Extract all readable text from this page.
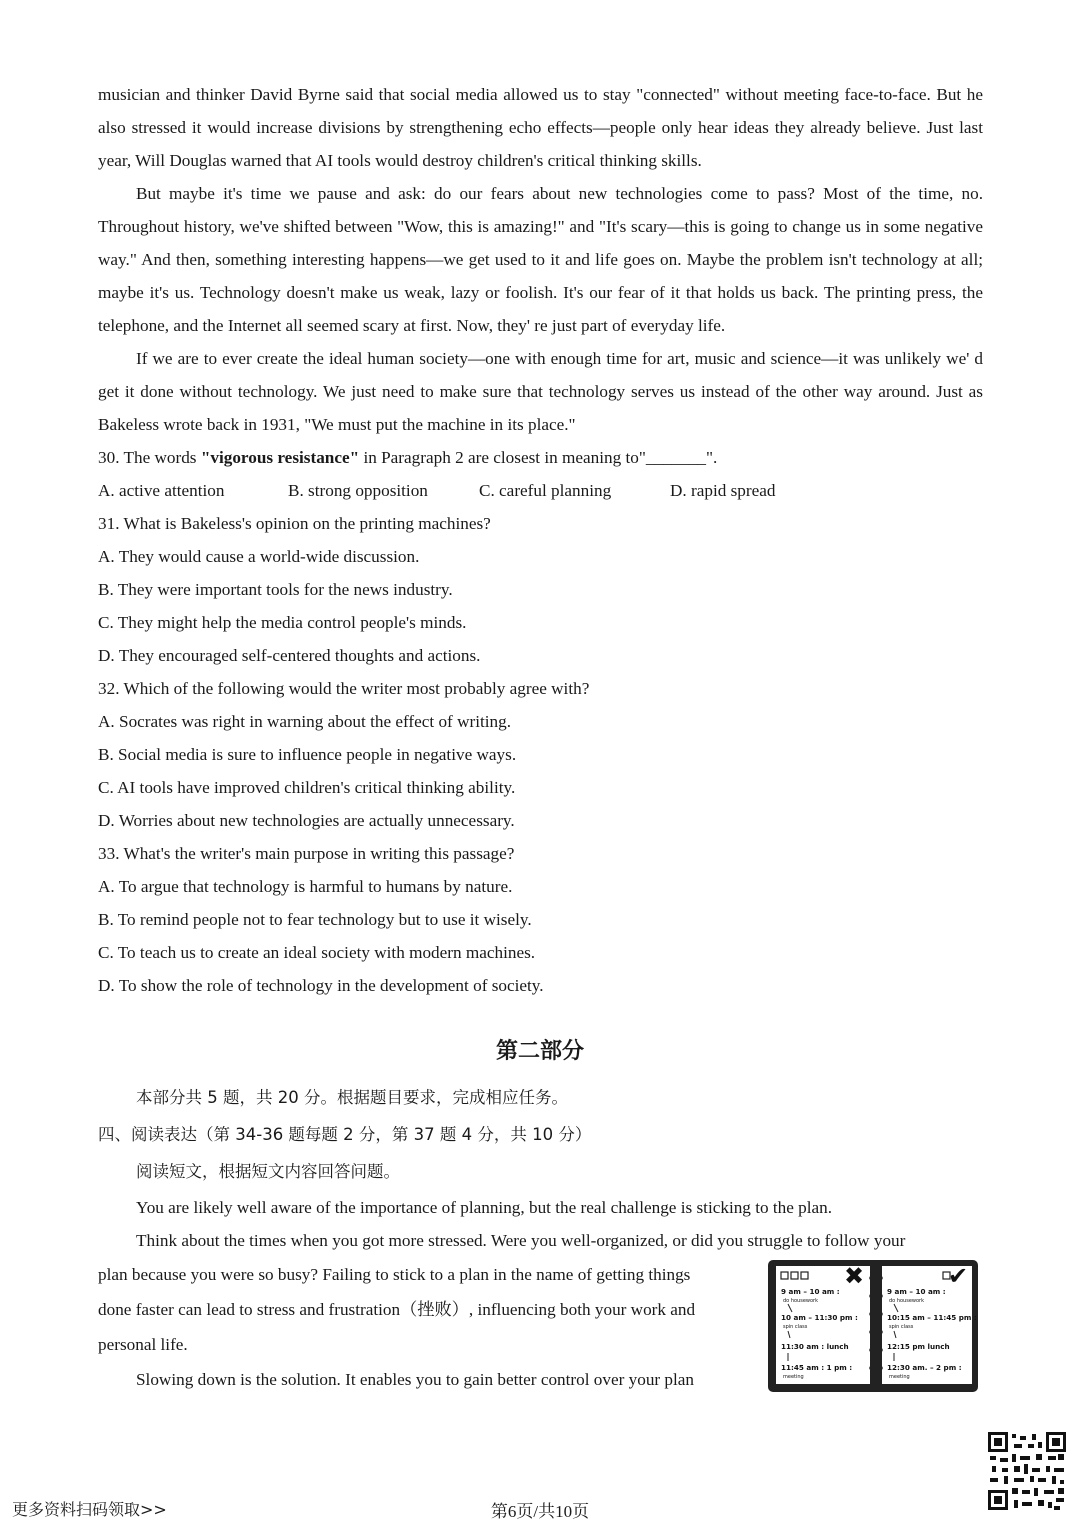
musician and thinker David Byrne said that social media allowed us to stay "connected" without meeting face-to-face. But he also stressed it would increase divisions by strengthening echo effects—people only hear ideas they already believe. Just last year, Will Douglas warned that AI tools would destroy children's critical thinking skills.

But maybe it's time we pause and ask: do our fears about new technologies come to pass? Most of the time, no. Throughout history, we've shifted between "Wow, this is amazing!" and "It's scary—this is going to change us in some negative way." And then, something interesting happens—we get used to it and life goes on. Maybe the problem isn't technology at all; maybe it's us. Technology doesn't make us weak, lazy or foolish. It's our fear of it that holds us back. The printing press, the telephone, and the Internet all seemed scary at first. Now, they' re just part of everyday life.

If we are to ever create the ideal human society—one with enough time for art, music and science—it was unlikely we' d get it done without technology. We just need to make sure that technology serves us instead of the other way around. Just as Bakeless wrote back in 1931, "We must put the machine in its place."

30. The words "vigorous resistance" in Paragraph 2 are closest in meaning to"_______".

A. active attention	B. strong opposition	C. careful planning	D. rapid spread

31. What is Bakeless's opinion on the printing machines?

A. They would cause a world-wide discussion.

B. They were important tools for the news industry.

C. They might help the media control people's minds.

D. They encouraged self-centered thoughts and actions.

32. Which of the following would the writer most probably agree with?

A. Socrates was right in warning about the effect of writing.

B. Social media is sure to influence people in negative ways.

C. AI tools have improved children's critical thinking ability.

D. Worries about new technologies are actually unnecessary.

33. What's the writer's main purpose in writing this passage?

A. To argue that technology is harmful to humans by nature.

B. To remind people not to fear technology but to use it wisely.

C. To teach us to create an ideal society with modern machines.

D. To show the role of technology in the development of society.

第二部分
本部分共 5 题，共 20 分。根据题目要求，完成相应任务。
四、阅读表达（第 34-36 题每题 2 分，第 37 题 4 分，共 10 分）
阅读短文，根据短文内容回答问题。

You are likely well aware of the importance of planning, but the real challenge is sticking to the plan.

Think about the times when you got more stressed. Were you well-organized, or did you struggle to follow your

plan because you were so busy? Failing to stick to a plan in the name of getting things

done faster can lead to stress and frustration（挫败）, influencing both your work and

personal life.

Slowing down is the solution. It enables you to gain better control over your plan

✖	✔
9 am – 10 am :
10 am – 11:30 pm :
11:30 am : lunch
11:45 am : 1 pm :
9 am – 10 am :
10:15 am – 11:45 pm :
12:15 pm lunch
12:30 am. – 2 pm :
do housework
spin class
meeting
do housework
spin class
meeting
更多资料扫码领取>>	第6页/共10页
